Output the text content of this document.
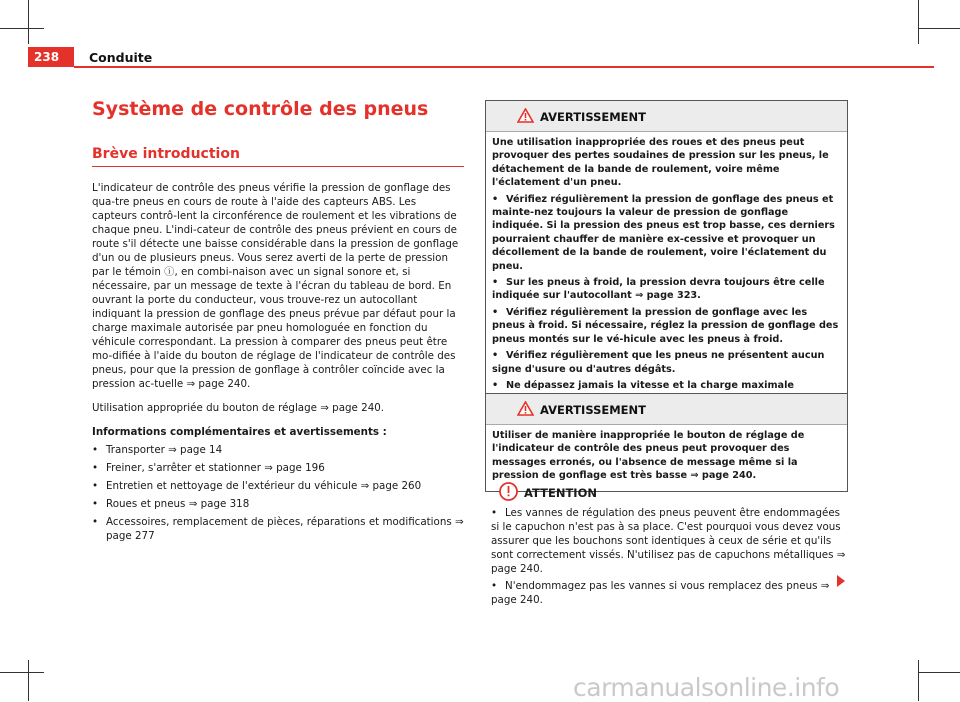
238	Conduite
Système de contrôle des pneus
Brève introduction

L'indicateur de contrôle des pneus vérifie la pression de gonflage des qua-tre pneus en cours de route à l'aide des capteurs ABS. Les capteurs contrô-lent la circonférence de roulement et les vibrations de chaque pneu. L'indi-cateur de contrôle des pneus prévient en cours de route s'il détecte une baisse considérable dans la pression de gonflage d'un ou de plusieurs pneus. Vous serez averti de la perte de pression par le témoin ⓘ, en combi-naison avec un signal sonore et, si nécessaire, par un message de texte à l'écran du tableau de bord. En ouvrant la porte du conducteur, vous trouve-rez un autocollant indiquant la pression de gonflage des pneus prévue par défaut pour la charge maximale autorisée par pneu homologuée en fonction du véhicule correspondant. La pression à comparer des pneus peut être mo-difiée à l'aide du bouton de réglage de l'indicateur de contrôle des pneus, pour que la pression de gonflage à contrôler coïncide avec la pression ac-tuelle ⇒ page 240.

Utilisation appropriée du bouton de réglage ⇒ page 240.

Informations complémentaires et avertissements :

• Transporter ⇒ page 14
• Freiner, s'arrêter et stationner ⇒ page 196
• Entretien et nettoyage de l'extérieur du véhicule ⇒ page 260
• Roues et pneus ⇒ page 318
• Accessoires, remplacement de pièces, réparations et modifications ⇒ page 277
AVERTISSEMENT

Une utilisation inappropriée des roues et des pneus peut provoquer des pertes soudaines de pression sur les pneus, le détachement de la bande de roulement, voire même l'éclatement d'un pneu.

• Vérifiez régulièrement la pression de gonflage des pneus et mainte-nez toujours la valeur de pression de gonflage indiquée. Si la pression des pneus est trop basse, ces derniers pourraient chauffer de manière ex-cessive et provoquer un décollement de la bande de roulement, voire l'éclatement du pneu.

• Sur les pneus à froid, la pression devra toujours être celle indiquée sur l'autocollant ⇒ page 323.

• Vérifiez régulièrement la pression de gonflage avec les pneus à froid. Si nécessaire, réglez la pression de gonflage des pneus montés sur le vé-hicule avec les pneus à froid.

• Vérifiez régulièrement que les pneus ne présentent aucun signe d'usure ou d'autres dégâts.

• Ne dépassez jamais la vitesse et la charge maximale

AVERTISSEMENT

Utiliser de manière inappropriée le bouton de réglage de l'indicateur de contrôle des pneus peut provoquer des messages erronés, ou l'absence de message même si la pression de gonflage est très basse ⇒ page 240.

ATTENTION

• Les vannes de régulation des pneus peuvent être endommagées si le capuchon n'est pas à sa place. C'est pourquoi vous devez vous assurer que les bouchons sont identiques à ceux de série et qu'ils sont correctement vissés. N'utilisez pas de capuchons métalliques ⇒ page 240.

• N'endommagez pas les vannes si vous remplacez des pneus ⇒ page 240.

carmanualsonline.info
